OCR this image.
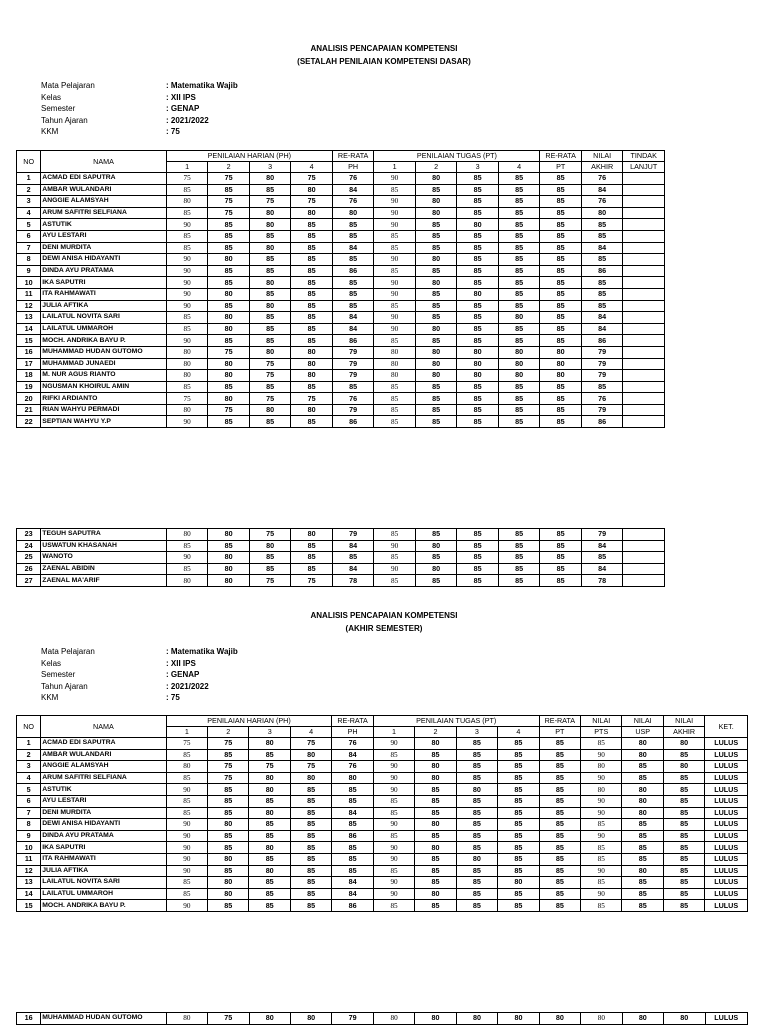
ANALISIS PENCAPAIAN KOMPETENSI
(SETALAH PENILAIAN KOMPETENSI DASAR)
Mata Pelajaran	: Matematika Wajib
Kelas	: XII IPS
Semester	: GENAP
Tahun Ajaran	: 2021/2022
KKM	: 75
NO	NAMA	PENILAIAN HARIAN (PH)				RE-RATA	PENILAIAN TUGAS (PT)				RE-RATA	NILAI	TINDAK
		1	2	3	4	PH	1	2	3	4	PT	AKHIR	LANJUT
1	ACMAD EDI SAPUTRA	75	75	80	75	76	90	80	85	85	85	76	
2	AMBAR WULANDARI	85	85	85	80	84	85	85	85	85	85	84	
3	ANGGIE ALAMSYAH	80	75	75	75	76	90	80	85	85	85	76	
4	ARUM SAFITRI SELFIANA	85	75	80	80	80	90	80	85	85	85	80	
5	ASTUTIK	90	85	80	85	85	90	85	80	85	85	85	
6	AYU LESTARI	85	85	85	85	85	85	85	85	85	85	85	
7	DENI MURDITA	85	85	80	85	84	85	85	85	85	85	84	
8	DEWI ANISA HIDAYANTI	90	80	85	85	85	90	80	85	85	85	85	
9	DINDA AYU PRATAMA	90	85	85	85	86	85	85	85	85	85	86	
10	IKA SAPUTRI	90	85	80	85	85	90	80	85	85	85	85	
11	ITA RAHMAWATI	90	80	85	85	85	90	85	80	85	85	85	
12	JULIA AFTIKA	90	85	80	85	85	85	85	85	85	85	85	
13	LAILATUL NOVITA SARI	85	80	85	85	84	90	85	85	80	85	84	
14	LAILATUL UMMAROH	85	80	85	85	84	90	80	85	85	85	84	
15	MOCH. ANDRIKA BAYU P.	90	85	85	85	86	85	85	85	85	85	86	
16	MUHAMMAD HUDAN GUTOMO	80	75	80	80	79	80	80	80	80	80	79	
17	MUHAMMAD JUNAEDI	80	80	75	80	79	80	80	80	80	80	79	
18	M. NUR AGUS RIANTO	80	80	75	80	79	80	80	80	80	80	79	
19	NGUSMAN KHOIRUL AMIN	85	85	85	85	85	85	85	85	85	85	85	
20	RIFKI ARDIANTO	75	80	75	75	76	85	85	85	85	85	76	
21	RIAN WAHYU PERMADI	80	75	80	80	79	85	85	85	85	85	79	
22	SEPTIAN WAHYU Y.P	90	85	85	85	86	85	85	85	85	85	86	
23	TEGUH SAPUTRA	80	80	75	80	79	85	85	85	85	85	79	
24	USWATUN KHASANAH	85	85	80	85	84	90	80	85	85	85	84	
25	WANOTO	90	80	85	85	85	85	85	85	85	85	85	
26	ZAENAL ABIDIN	85	80	85	85	84	90	80	85	85	85	84	
27	ZAENAL MA'ARIF	80	80	75	75	78	85	85	85	85	85	78	
ANALISIS PENCAPAIAN KOMPETENSI
(AKHIR SEMESTER)
Mata Pelajaran	: Matematika Wajib
Kelas	: XII IPS
Semester	: GENAP
Tahun Ajaran	: 2021/2022
KKM	: 75
NO	NAMA	PENILAIAN HARIAN (PH)				RE-RATA	PENILAIAN TUGAS (PT)				RE-RATA	NILAI	NILAI	NILAI	KET.
		1	2	3	4	PH	1	2	3	4	PT	PTS	USP	AKHIR	
1	ACMAD EDI SAPUTRA	75	75	80	75	76	90	80	85	85	85	85	80	80	LULUS
2	AMBAR WULANDARI	85	85	85	80	84	85	85	85	85	85	90	80	85	LULUS
3	ANGGIE ALAMSYAH	80	75	75	75	76	90	80	85	85	85	80	85	80	LULUS
4	ARUM SAFITRI SELFIANA	85	75	80	80	80	90	80	85	85	85	90	85	85	LULUS
5	ASTUTIK	90	85	80	85	85	90	85	80	85	85	80	80	85	LULUS
6	AYU LESTARI	85	85	85	85	85	85	85	85	85	85	90	80	85	LULUS
7	DENI MURDITA	85	85	80	85	84	85	85	85	85	85	90	80	85	LULUS
8	DEWI ANISA HIDAYANTI	90	80	85	85	85	90	80	85	85	85	85	85	85	LULUS
9	DINDA AYU PRATAMA	90	85	85	85	86	85	85	85	85	85	90	85	85	LULUS
10	IKA SAPUTRI	90	85	80	85	85	90	80	85	85	85	85	85	85	LULUS
11	ITA RAHMAWATI	90	80	85	85	85	90	85	80	85	85	85	85	85	LULUS
12	JULIA AFTIKA	90	85	80	85	85	85	85	85	85	85	90	80	85	LULUS
13	LAILATUL NOVITA SARI	85	80	85	85	84	90	85	85	80	85	85	85	85	LULUS
14	LAILATUL UMMAROH	85	80	85	85	84	90	80	85	85	85	90	85	85	LULUS
15	MOCH. ANDRIKA BAYU P.	90	85	85	85	86	85	85	85	85	85	85	85	85	LULUS
16	MUHAMMAD HUDAN GUTOMO	80	75	80	80	79	80	80	80	80	80	80	80	80	LULUS
